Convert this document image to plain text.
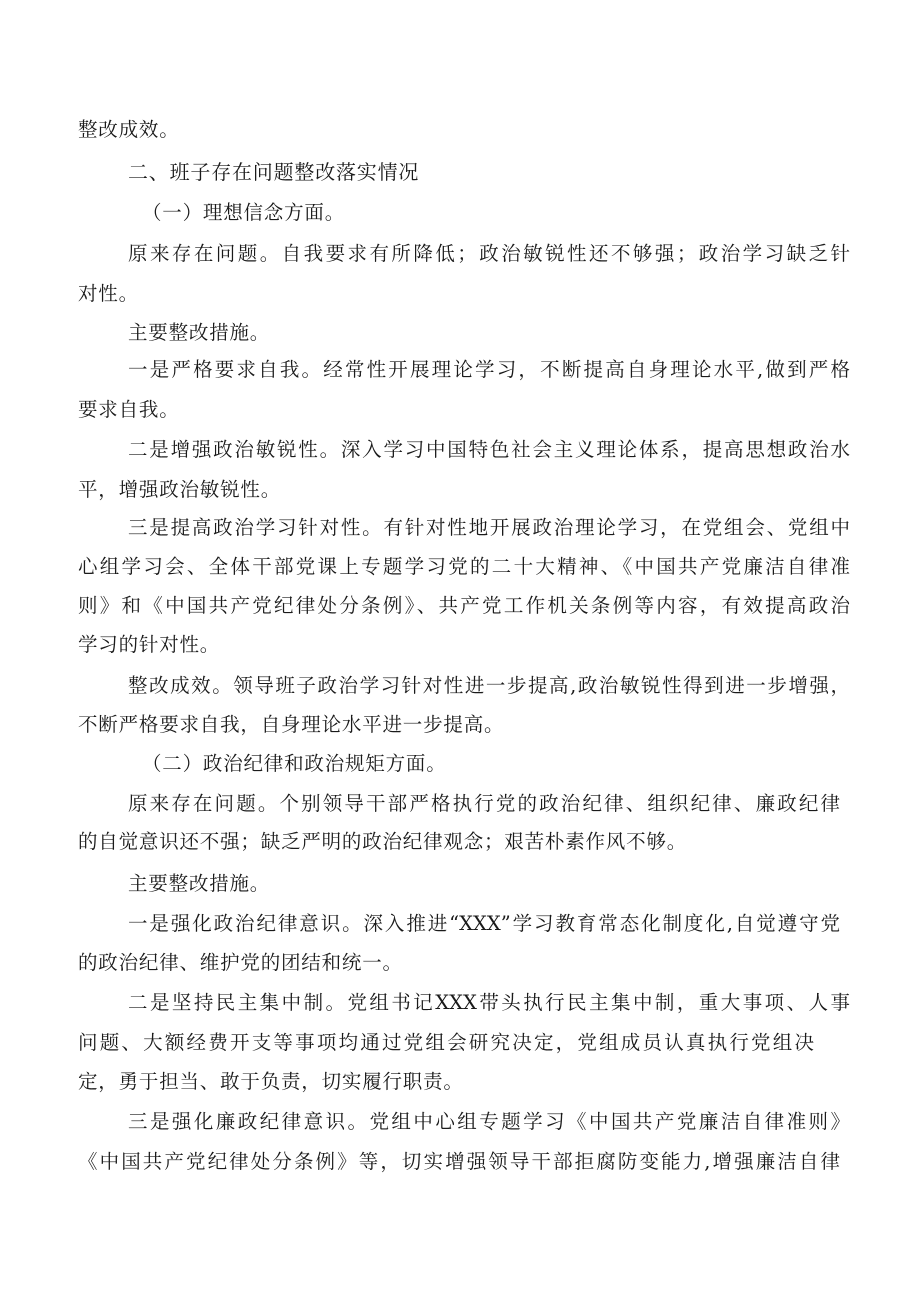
整改成效。

二、班子存在问题整改落实情况

（一）理想信念方面。

原来存在问题。自我要求有所降低；政治敏锐性还不够强；政治学习缺乏针

对性。

主要整改措施。

一是严格要求自我。经常性开展理论学习，不断提高自身理论水平,做到严格

要求自我。

二是增强政治敏锐性。深入学习中国特色社会主义理论体系，提高思想政治水

平，增强政治敏锐性。

三是提高政治学习针对性。有针对性地开展政治理论学习，在党组会、党组中

心组学习会、全体干部党课上专题学习党的二十大精神、《中国共产党廉洁自律准

则》和《中国共产党纪律处分条例》、共产党工作机关条例等内容，有效提高政治

学习的针对性。

整改成效。领导班子政治学习针对性进一步提高,政治敏锐性得到进一步增强，

不断严格要求自我，自身理论水平进一步提高。

（二）政治纪律和政治规矩方面。

原来存在问题。个别领导干部严格执行党的政治纪律、组织纪律、廉政纪律

的自觉意识还不强；缺乏严明的政治纪律观念；艰苦朴素作风不够。

主要整改措施。

一是强化政治纪律意识。深入推进“XXX”学习教育常态化制度化,自觉遵守党

的政治纪律、维护党的团结和统一。

二是坚持民主集中制。党组书记XXX带头执行民主集中制，重大事项、人事

问题、大额经费开支等事项均通过党组会研究决定，党组成员认真执行党组决

定，勇于担当、敢于负责，切实履行职责。

三是强化廉政纪律意识。党组中心组专题学习《中国共产党廉洁自律准则》

《中国共产党纪律处分条例》等，切实增强领导干部拒腐防变能力,增强廉洁自律
